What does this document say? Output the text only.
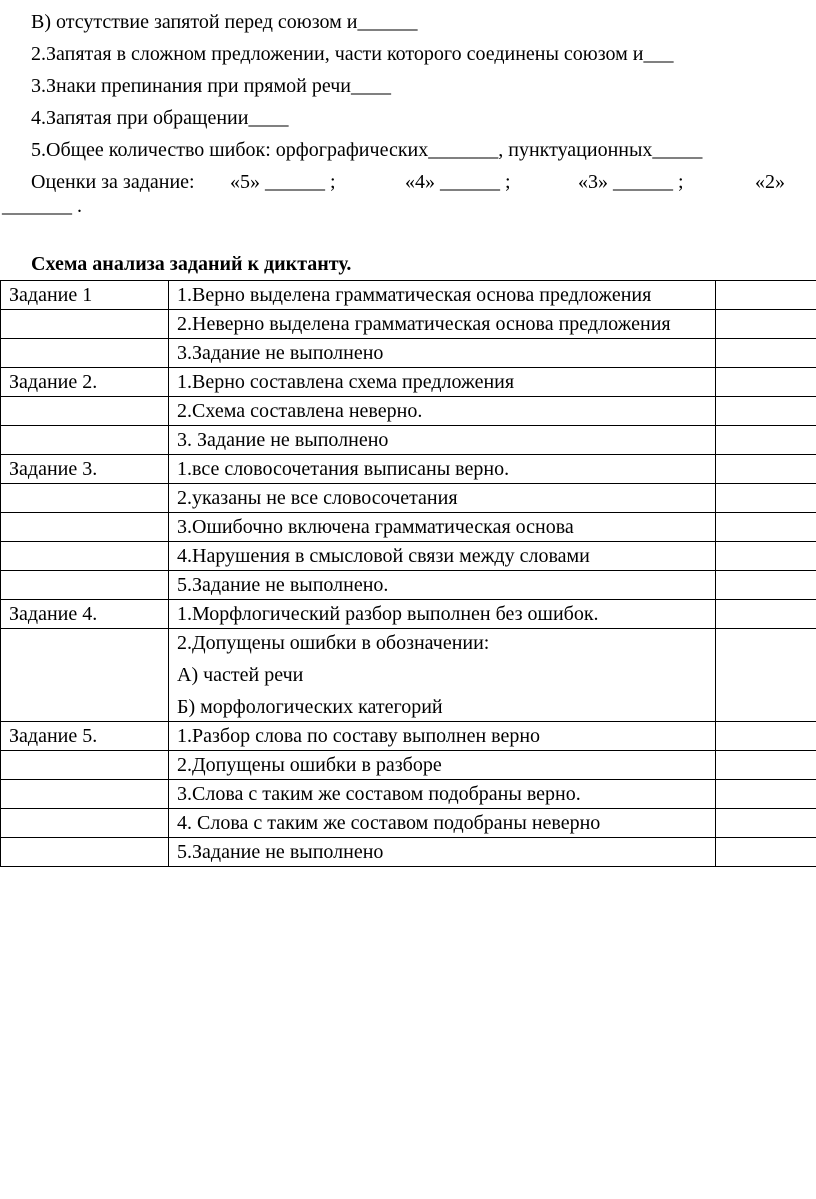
В) отсутствие запятой перед союзом и______
2.Запятая в сложном предложении, части которого соединены союзом и___
3.Знаки препинания при прямой речи____
4.Запятая при обращении____
5.Общее количество шибок: орфографических_______, пунктуационных_____
Оценки за задание: «5» ______ ;	«4» ______ ;	«3» ______ ;	«2»
_______ .
Схема анализа заданий к диктанту.
Задание 1	1.Верно выделена грамматическая основа предложения	
	2.Неверно выделена грамматическая основа предложения	
	3.Задание не выполнено	
Задание 2.	1.Верно составлена схема предложения	
	2.Схема составлена неверно.	
	3. Задание не выполнено	
Задание 3.	1.все словосочетания выписаны верно.	
	2.указаны не все словосочетания	
	3.Ошибочно включена грамматическая основа	
	4.Нарушения в смысловой связи между словами	
	5.Задание не выполнено.	
Задание 4.	1.Морфлогический разбор выполнен без ошибок.	

	2.Допущены ошибки в обозначении:
А) частей речи
Б) морфологических категорий	

Задание 5.	1.Разбор слова по составу выполнен верно	
	2.Допущены ошибки в разборе	
	3.Слова с таким же составом подобраны верно.	
	4. Слова с таким же составом подобраны неверно	
	5.Задание не выполнено	
